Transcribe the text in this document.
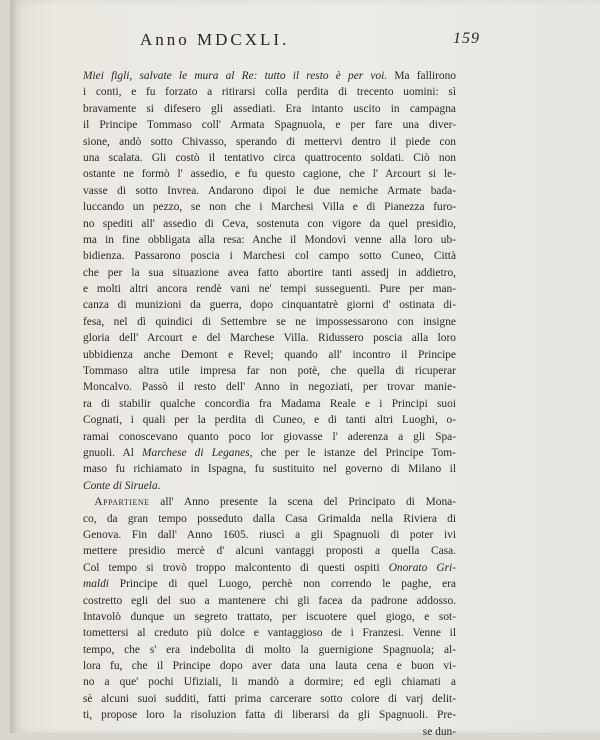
Anno MDCXLI.	159
Miei figli, salvate le mura al Re: tutto il resto è per voi. Ma fallirono
i conti, e fu forzato a ritirarsi colla perdita di trecento uomini: sì
bravamente si difesero gli assediati. Era intanto uscito in campagna
il Principe Tommaso coll' Armata Spagnuola, e per fare una diver-
sione, andò sotto Chivasso, sperando di mettervi dentro il piede con
una scalata. Gli costò il tentativo circa quattrocento soldati. Ciò non
ostante ne formò l' assedio, e fu questo cagione, che l' Arcourt si le-
vasse di sotto Invrea. Andarono dipoi le due nemiche Armate bada-
luccando un pezzo, se non che i Marchesi Villa e di Pianezza furo-
no spediti all' assedio di Ceva, sostenuta con vigore da quel presidio,
ma in fine obbligata alla resa: Anche il Mondovì venne alla loro ub-
bidienza. Passarono poscia i Marchesi col campo sotto Cuneo, Città
che per la sua situazione avea fatto abortire tanti assedj in addietro,
e molti altri ancora rendè vani ne' tempi susseguenti. Pure per man-
canza di munizioni da guerra, dopo cinquantatrè giorni d' ostinata di-
fesa, nel dì quindici di Settembre se ne impossessarono con insigne
gloria dell' Arcourt e del Marchese Villa. Ridussero poscia alla loro
ubbidienza anche Demont e Revel; quando all' incontro il Principe
Tommaso altra utile impresa far non potè, che quella di ricuperar
Moncalvo. Passò il resto dell' Anno in negoziati, per trovar manie-
ra di stabilir qualche concordia fra Madama Reale e i Principi suoi
Cognati, i quali per la perdita di Cuneo, e di tanti altri Luoghi, o-
ramai conoscevano quanto poco lor giovasse l' aderenza a gli Spa-
gnuoli. Al Marchese di Leganes, che per le istanze del Principe Tom-
maso fu richiamato in Ispagna, fu sustituito nel governo di Milano il
Conte di Siruela.
 Appartiene all' Anno presente la scena del Principato di Mona-
co, da gran tempo posseduto dalla Casa Grimalda nella Riviera di
Genova. Fin dall' Anno 1605. riuscì a gli Spagnuoli di poter ivi
mettere presidio mercè d' alcuni vantaggi proposti a quella Casa.
Col tempo si trovò troppo malcontento di questi ospiti Onorato Gri-
maldi Principe di quel Luogo, perchè non correndo le paghe, era
costretto egli del suo a mantenere chi gli facea da padrone addosso.
Intavolò dunque un segreto trattato, per iscuotere quel giogo, e sot-
tomettersi al creduto più dolce e vantaggioso de i Franzesi. Venne il
tempo, che s' era indebolita di molto la guernigione Spagnuola; al-
lora fu, che il Principe dopo aver data una lauta cena e buon vi-
no a que' pochi Ufiziali, li mandò a dormire; ed egli chiamati a
sè alcuni suoi sudditi, fatti prima carcerare sotto colore di varj delit-
ti, propose loro la risoluzion fatta di liberarsi da gli Spagnuoli. Pre-
se dun-
